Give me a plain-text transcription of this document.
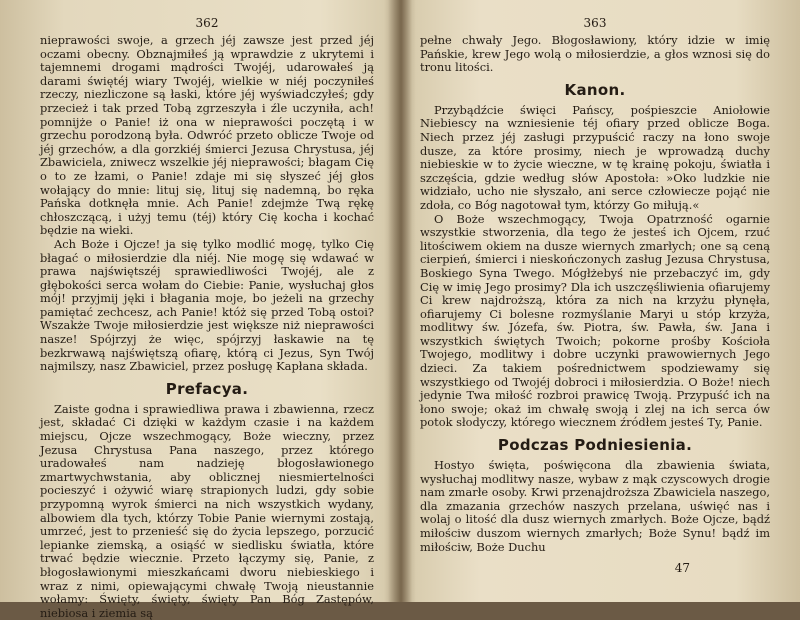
362

nieprawości swoje, a grzech jéj zawsze jest przed jéj oczami obecny. Obznajmiłeś ją wprawdzie z ukrytemi i tajemnemi drogami mądrości Twojéj, udarowałeś ją darami świętéj wiary Twojéj, wielkie w niéj poczyniłeś rzeczy, niezliczone są łaski, które jéj wyświadczyłeś; gdy przecież i tak przed Tobą zgrzeszyła i źle uczyniła, ach! pomnijże o Panie! iż ona w nieprawości poczętą i w grzechu porodzoną była. Odwróć przeto oblicze Twoje od jéj grzechów, a dla gorzkiéj śmierci Jezusa Chrystusa, jéj Zbawiciela, zniwecz wszelkie jéj nieprawości; błagam Cię o to ze łzami, o Panie! zdaje mi się słyszeć jéj głos wołający do mnie: lituj się, lituj się nademną, bo ręka Pańska dotknęła mnie. Ach Panie! zdejmże Twą rękę chłoszczącą, i użyj temu (téj) który Cię kocha i kochać będzie na wieki.

Ach Boże i Ojcze! ja się tylko modlić mogę, tylko Cię błagać o miłosierdzie dla niéj. Nie mogę się wdawać w prawa najświętszéj sprawiedliwości Twojéj, ale z głębokości serca wołam do Ciebie: Panie, wysłuchaj głos mój! przyjmij jęki i błagania moje, bo jeżeli na grzechy pamiętać zechcesz, ach Panie! któż się przed Tobą ostoi? Wszakże Twoje miłosierdzie jest większe niż nieprawości nasze! Spójrzyj że więc, spójrzyj łaskawie na tę bezkrwawą najświętszą ofiarę, którą ci Jezus, Syn Twój najmilszy, nasz Zbawiciel, przez posługę Kapłana składa.

Prefacya.

Zaiste godna i sprawiedliwa prawa i zbawienna, rzecz jest, składać Ci dzięki w każdym czasie i na każdem miejscu, Ojcze wszechmogący, Boże wieczny, przez Jezusa Chrystusa Pana naszego, przez którego uradowałeś nam nadzieję błogosławionego zmartwychwstania, aby oblicznej niesmiertelności pocieszyć i ożywić wiarę strapionych ludzi, gdy sobie przypomną wyrok śmierci na nich wszystkich wydany, albowiem dla tych, którzy Tobie Panie wiernymi zostają, umrzeć, jest to przenieść się do życia lepszego, porzucić lepianke ziemską, a osiąść w siedlisku światła, które trwać będzie wiecznie. Przeto łączymy się, Panie, z błogosławionymi mieszkańcami dworu niebieskiego i wraz z nimi, opiewającymi chwałę Twoją nieustannie wołamy: Święty, święty, święty Pan Bóg Zastępów, niebiosa i ziemia są

363

pełne chwały Jego. Błogosławiony, który idzie w imię Pańskie, krew Jego wolą o miłosierdzie, a głos wznosi się do tronu litości.

Kanon.

Przybądźcie święci Pańscy, pośpieszcie Aniołowie Niebiescy na wzniesienie téj ofiary przed oblicze Boga. Niech przez jéj zasługi przypuścić raczy na łono swoje dusze, za które prosimy, niech je wprowadzą duchy niebieskie w to życie wieczne, w tę krainę pokoju, światła i szczęścia, gdzie według słów Apostoła: »Oko ludzkie nie widziało, ucho nie słyszało, ani serce człowiecze pojąć nie zdoła, co Bóg nagotował tym, którzy Go miłują.«

O Boże wszechmogący, Twoja Opatrzność ogarnie wszystkie stworzenia, dla tego że jesteś ich Ojcem, rzuć litościwem okiem na dusze wiernych zmarłych; one są ceną cierpień, śmierci i nieskończonych zasług Jezusa Chrystusa, Boskiego Syna Twego. Mógłżebyś nie przebaczyć im, gdy Cię w imię Jego prosimy? Dla ich uszczęśliwienia ofiarujemy Ci krew najdroższą, która za nich na krzyżu płynęła, ofiarujemy Ci bolesne rozmyślanie Maryi u stóp krzyża, modlitwy św. Józefa, św. Piotra, św. Pawła, św. Jana i wszystkich świętych Twoich; pokorne prośby Kościoła Twojego, modlitwy i dobre uczynki prawowiernych Jego dzieci. Za takiem pośrednictwem spodziewamy się wszystkiego od Twojéj dobroci i miłosierdzia. O Boże! niech jedynie Twa miłość rozbroi prawicę Twoją. Przypuść ich na łono swoje; okaż im chwałę swoją i zlej na ich serca ów potok słodyczy, którego wiecznem źródłem jesteś Ty, Panie.

Podczas Podniesienia.

Hostyo święta, poświęcona dla zbawienia świata, wysłuchaj modlitwy nasze, wybaw z mąk czyscowych drogie nam zmarłe osoby. Krwi przenajdroższa Zbawiciela naszego, dla zmazania grzechów naszych przelana, uświęć nas i wolaj o litość dla dusz wiernych zmarłych. Boże Ojcze, bądź miłościw duszom wiernych zmarłych; Boże Synu! bądź im miłościw, Boże Duchu

47
